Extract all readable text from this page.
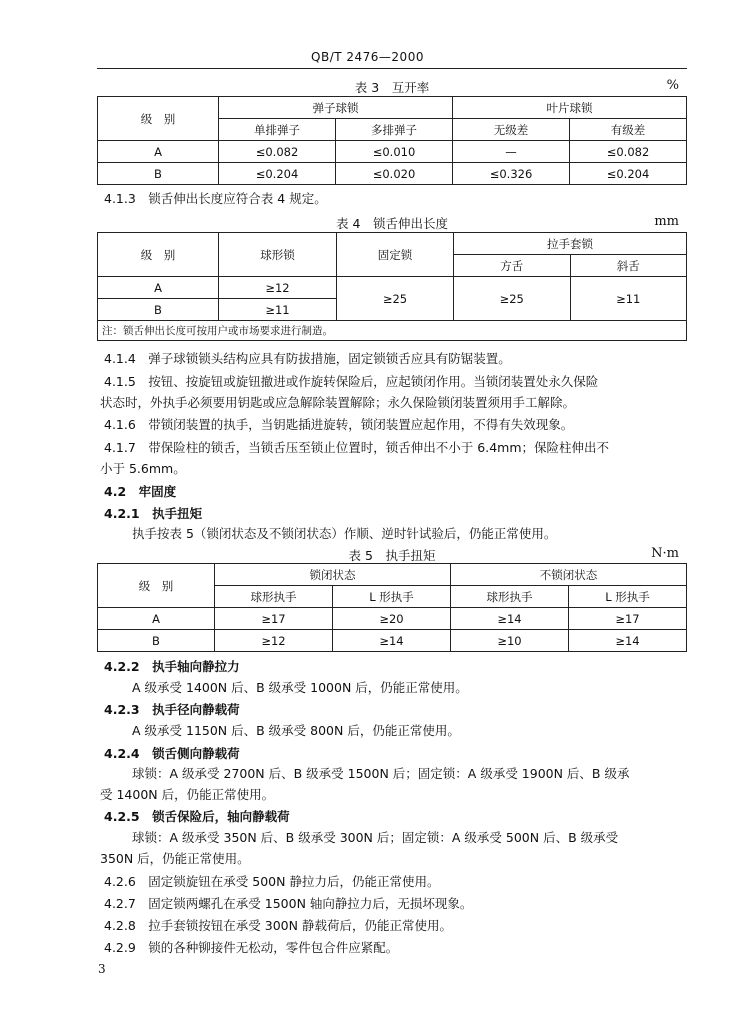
QB/T 2476—2000
表 3　互开率	%
级　别	弹子球锁		叶片球锁	
	单排弹子	多排弹子	无级差	有级差
A	≤0.082	≤0.010	—	≤0.082
B	≤0.204	≤0.020	≤0.326	≤0.204
4.1.3　锁舌伸出长度应符合表 4 规定。
表 4　锁舌伸出长度	mm
级　别	球形锁	固定锁	拉手套锁	
			方舌	斜舌
A	≥12	≥25	≥25	≥11
B	≥11			
注：锁舌伸出长度可按用户或市场要求进行制造。				
4.1.4　弹子球锁锁头结构应具有防拔措施，固定锁锁舌应具有防锯装置。
4.1.5　按钮、按旋钮或旋钮撤进或作旋转保险后，应起锁闭作用。当锁闭装置处永久保险
状态时，外执手必须要用钥匙或应急解除装置解除；永久保险锁闭装置须用手工解除。
4.1.6　带锁闭装置的执手，当钥匙插进旋转，锁闭装置应起作用，不得有失效现象。
4.1.7　带保险柱的锁舌，当锁舌压至锁止位置时，锁舌伸出不小于 6.4mm；保险柱伸出不
小于 5.6mm。
4.2　牢固度
4.2.1　执手扭矩
执手按表 5（锁闭状态及不锁闭状态）作顺、逆时针试验后，仍能正常使用。
表 5　执手扭矩	N·m
级　别	锁闭状态		不锁闭状态	
	球形执手	L 形执手	球形执手	L 形执手
A	≥17	≥20	≥14	≥17
B	≥12	≥14	≥10	≥14
4.2.2　执手轴向静拉力
A 级承受 1400N 后、B 级承受 1000N 后，仍能正常使用。
4.2.3　执手径向静载荷
A 级承受 1150N 后、B 级承受 800N 后，仍能正常使用。
4.2.4　锁舌侧向静载荷
球锁：A 级承受 2700N 后、B 级承受 1500N 后；固定锁：A 级承受 1900N 后、B 级承
受 1400N 后，仍能正常使用。
4.2.5　锁舌保险后，轴向静载荷
球锁：A 级承受 350N 后、B 级承受 300N 后；固定锁：A 级承受 500N 后、B 级承受
350N 后，仍能正常使用。
4.2.6　固定锁旋钮在承受 500N 静拉力后，仍能正常使用。
4.2.7　固定锁两螺孔在承受 1500N 轴向静拉力后，无损坏现象。
4.2.8　拉手套锁按钮在承受 300N 静载荷后，仍能正常使用。
4.2.9　锁的各种铆接件无松动，零件包合件应紧配。
3
